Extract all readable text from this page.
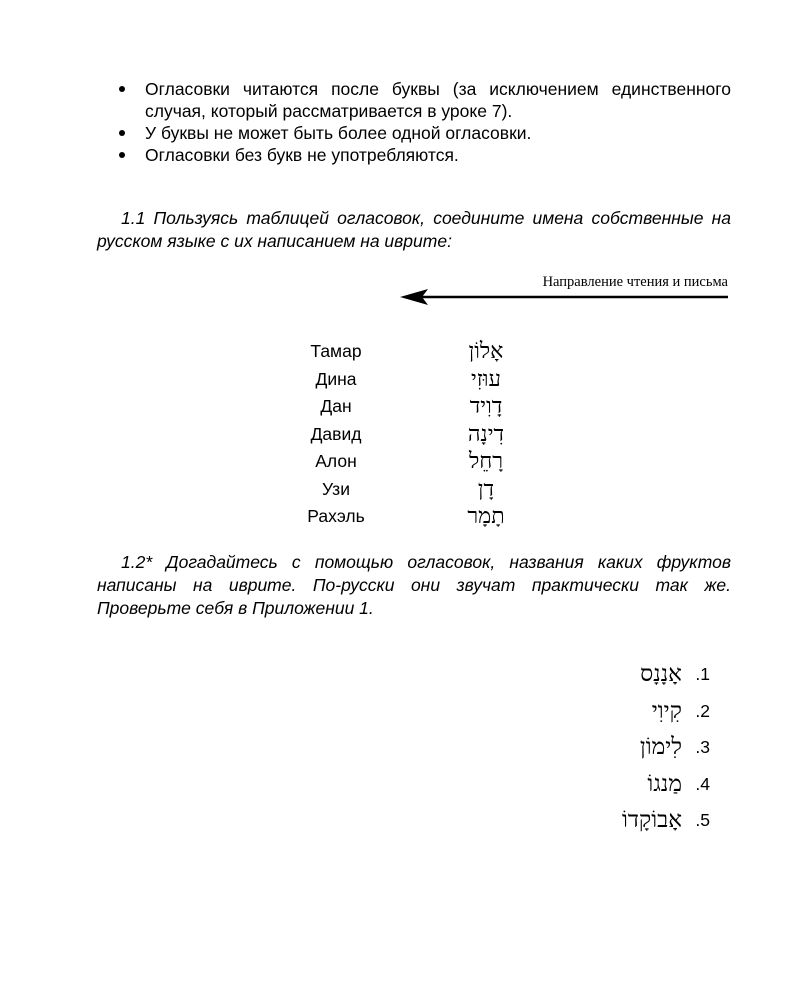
Огласовки читаются после буквы (за исключением единственного случая, который рассматривается в уроке 7).
У буквы не может быть более одной огласовки.
Огласовки без букв не употребляются.

1.1 Пользуясь таблицей огласовок, соедините имена собственные на русском языке с их написанием на иврите:

Направление чтения и письма
Тамар	אָלוֹן
Дина	עוּזִי
Дан	דָוִיד
Давид	דִינָה
Алон	רָחֵל
Узи	דָן
Рахэль	תָמָר

1.2* Догадайтесь с помощью огласовок, названия каких фруктов написаны на иврите. По-русски они звучат практически так же. Проверьте себя в Приложении 1.

.1
אָנָנָס
.2
קִיוִי
.3
לִימוֹן
.4
מַנגוֹ
.5
אָבוֹקָדוֹ
